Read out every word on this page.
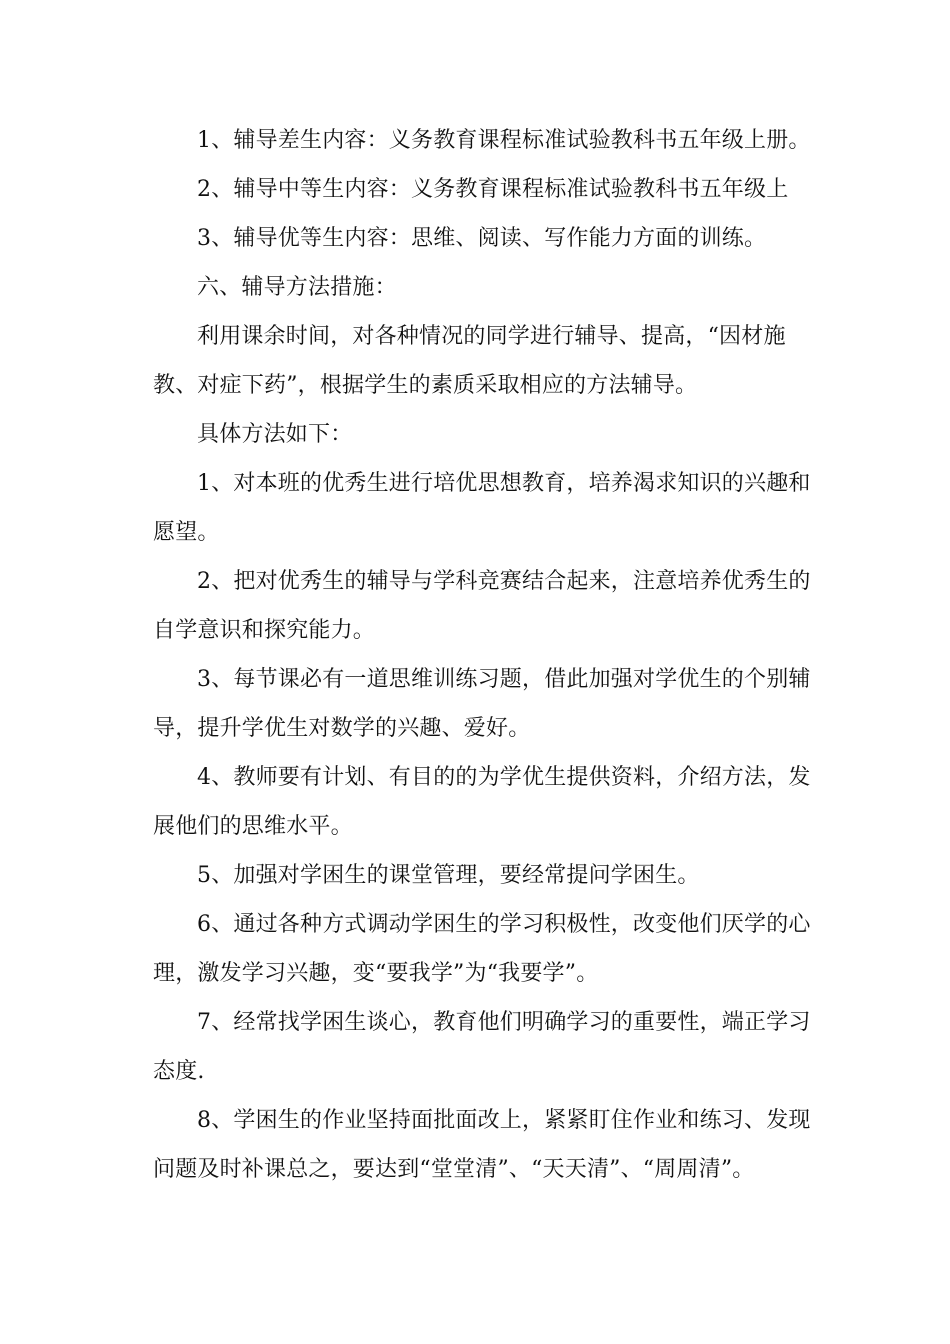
1、辅导差生内容：义务教育课程标准试验教科书五年级上册。

2、辅导中等生内容：义务教育课程标准试验教科书五年级上

3、辅导优等生内容：思维、阅读、写作能力方面的训练。

六、辅导方法措施：

利用课余时间，对各种情况的同学进行辅导、提高，“因材施教、对症下药”，根据学生的素质采取相应的方法辅导。

具体方法如下：

1、对本班的优秀生进行培优思想教育，培养渴求知识的兴趣和愿望。

2、把对优秀生的辅导与学科竞赛结合起来，注意培养优秀生的自学意识和探究能力。

3、每节课必有一道思维训练习题，借此加强对学优生的个别辅导，提升学优生对数学的兴趣、爱好。

4、教师要有计划、有目的的为学优生提供资料，介绍方法，发展他们的思维水平。

5、加强对学困生的课堂管理，要经常提问学困生。

6、通过各种方式调动学困生的学习积极性，改变他们厌学的心理，激发学习兴趣，变“要我学”为“我要学”。

7、经常找学困生谈心，教育他们明确学习的重要性，端正学习态度.

8、学困生的作业坚持面批面改上，紧紧盯住作业和练习、发现问题及时补课总之，要达到“堂堂清”、“天天清”、“周周清”。
